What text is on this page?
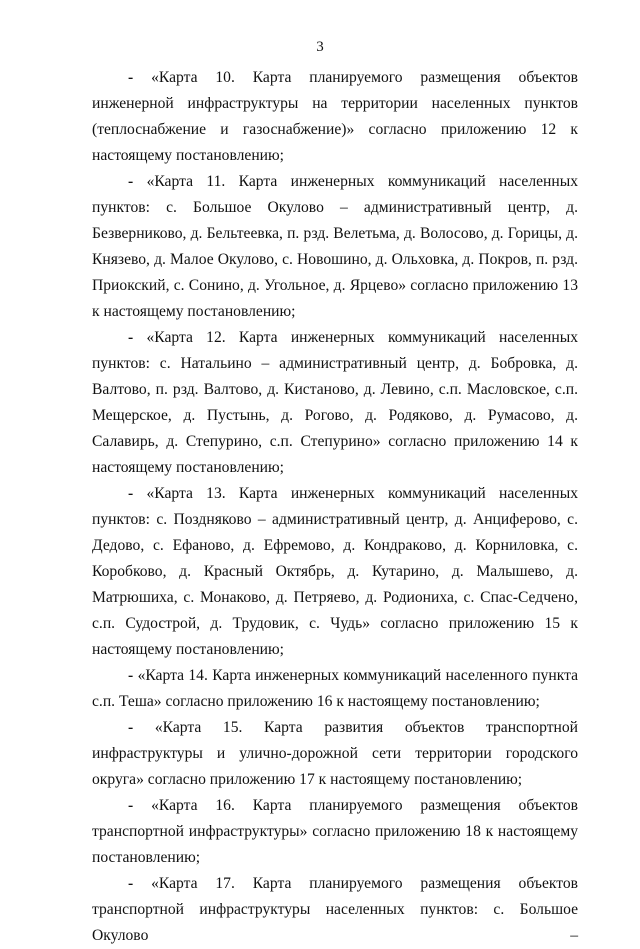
3

- «Карта 10. Карта планируемого размещения объектов инженерной инфраструктуры на территории населенных пунктов (теплоснабжение и газоснабжение)» согласно приложению 12 к настоящему постановлению;

- «Карта 11. Карта инженерных коммуникаций населенных пунктов: с. Большое Окулово – административный центр, д. Безверниково, д. Бельтеевка, п. рзд. Велетьма, д. Волосово, д. Горицы, д. Князево, д. Малое Окулово, с. Новошино, д. Ольховка, д. Покров, п. рзд. Приокский, с. Сонино, д. Угольное, д. Ярцево» согласно приложению 13 к настоящему постановлению;

- «Карта 12. Карта инженерных коммуникаций населенных пунктов: с. Натальино – административный центр, д. Бобровка, д. Валтово, п. рзд. Валтово, д. Кистаново, д. Левино, с.п. Масловское, с.п. Мещерское, д. Пустынь, д. Рогово, д. Родяково, д. Румасово, д. Салавирь, д. Степурино, с.п. Степурино» согласно приложению 14 к настоящему постановлению;

- «Карта 13. Карта инженерных коммуникаций населенных пунктов: с. Поздняково – административный центр, д. Анциферово, с. Дедово, с. Ефаново, д. Ефремово, д. Кондраково, д. Корниловка, с. Коробково, д. Красный Октябрь, д. Кутарино, д. Малышево, д. Матрюшиха, с. Монаково, д. Петряево, д. Родиониха, с. Спас-Седчено, с.п. Судострой, д. Трудовик, с. Чудь» согласно приложению 15 к настоящему постановлению;

- «Карта 14. Карта инженерных коммуникаций населенного пункта с.п. Теша» согласно приложению 16 к настоящему постановлению;

- «Карта 15. Карта развития объектов транспортной инфраструктуры и улично-дорожной сети территории городского округа» согласно приложению 17 к настоящему постановлению;

- «Карта 16. Карта планируемого размещения объектов транспортной инфраструктуры» согласно приложению 18 к настоящему постановлению;

- «Карта 17. Карта планируемого размещения объектов транспортной инфраструктуры населенных пунктов: с. Большое Окулово –
